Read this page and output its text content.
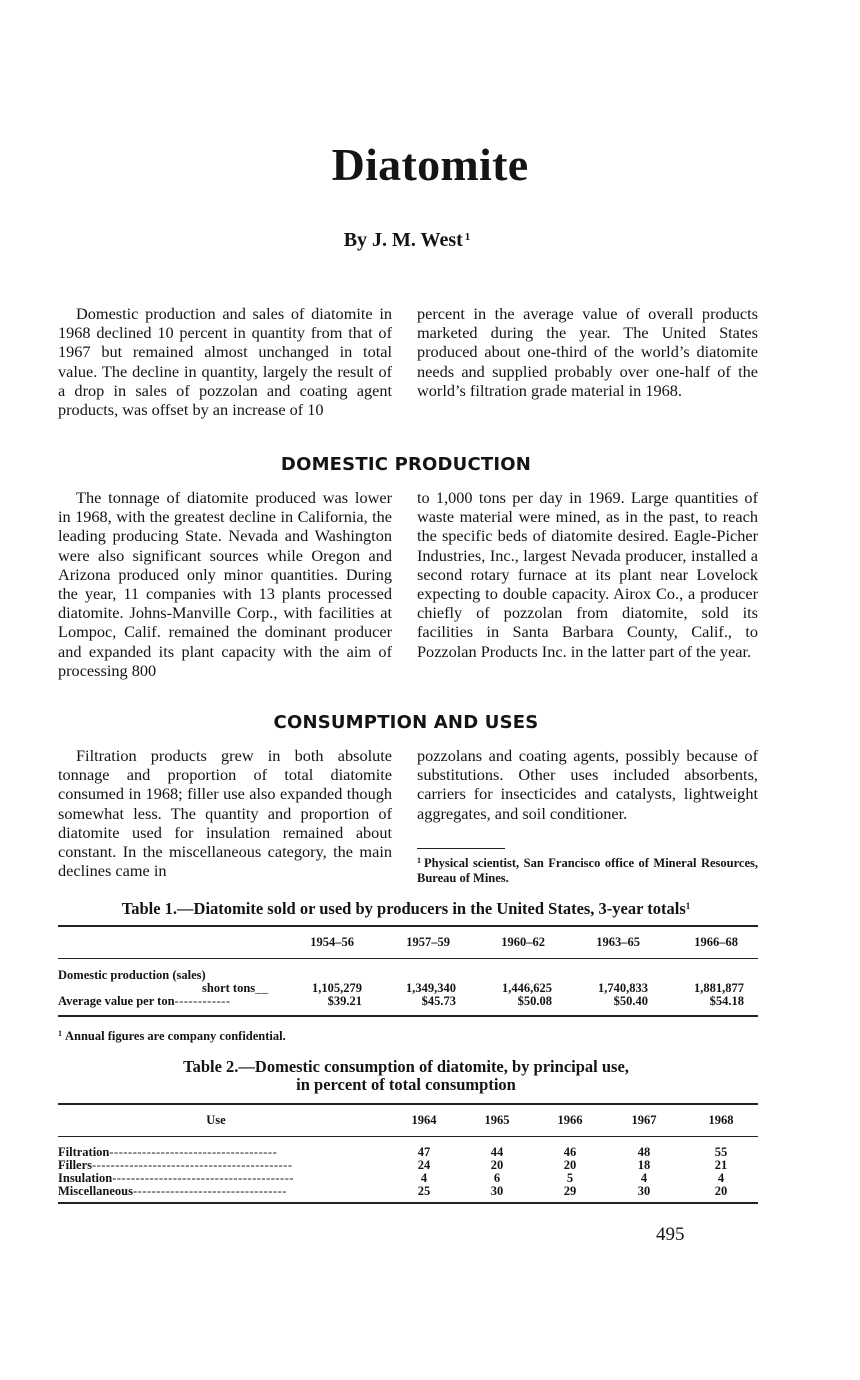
Diatomite
By J. M. West $^1$

Domestic production and sales of diatomite in 1968 declined 10 percent in quantity from that of 1967 but remained almost unchanged in total value. The decline in quantity, largely the result of a drop in sales of pozzolan and coating agent products, was offset by an increase of 10

percent in the average value of overall products marketed during the year. The United States produced about one-third of the world’s diatomite needs and supplied probably over one-half of the world’s filtration grade material in 1968.

DOMESTIC PRODUCTION

The tonnage of diatomite produced was lower in 1968, with the greatest decline in California, the leading producing State. Nevada and Washington were also significant sources while Oregon and Arizona produced only minor quantities. During the year, 11 companies with 13 plants processed diatomite. Johns-Manville Corp., with facilities at Lompoc, Calif. remained the dominant producer and expanded its plant capacity with the aim of processing 800

to 1,000 tons per day in 1969. Large quantities of waste material were mined, as in the past, to reach the specific beds of diatomite desired. Eagle-Picher Industries, Inc., largest Nevada producer, installed a second rotary furnace at its plant near Lovelock expecting to double capacity. Airox Co., a producer chiefly of pozzolan from diatomite, sold its facilities in Santa Barbara County, Calif., to Pozzolan Products Inc. in the latter part of the year.

CONSUMPTION AND USES

Filtration products grew in both absolute tonnage and proportion of total diatomite consumed in 1968; filler use also expanded though somewhat less. The quantity and proportion of diatomite used for insulation remained about constant. In the miscellaneous category, the main declines came in

pozzolans and coating agents, possibly because of substitutions. Other uses included absorbents, carriers for insecticides and catalysts, lightweight aggregates, and soil conditioner.

$^1$ Physical scientist, San Francisco office of Mineral Resources, Bureau of Mines.
Table 1.—Diatomite sold or used by producers in the United States, 3-year totals$^1$
1954–56	1957–59	1960–62	1963–65	1966–68
Domestic production (sales)
short tons__	1,105,279	1,349,340	1,446,625	1,740,833	1,881,877
Average value per ton------------	$39.21	$45.73	$50.08	$50.40	$54.18
$^1$ Annual figures are company confidential.
Table 2.—Domestic consumption of diatomite, by principal use,
in percent of total consumption
Use	1964	1965	1966	1967	1968
Filtration------------------------------------	47	44	46	48	55
Fillers-------------------------------------------	24	20	20	18	21
Insulation---------------------------------------	4	6	5	4	4
Miscellaneous---------------------------------	25	30	29	30	20
495
